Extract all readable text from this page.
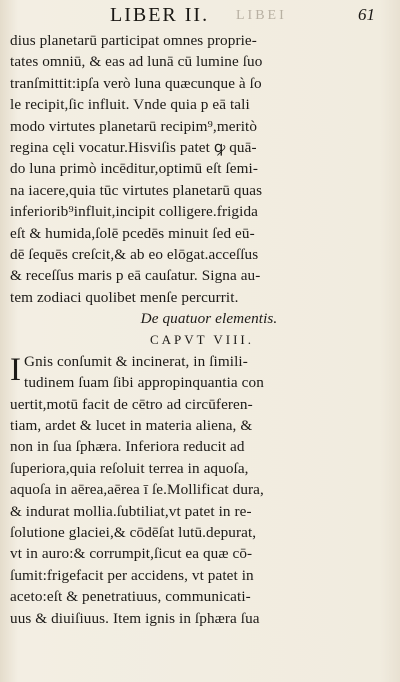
LIBER II. LIBEI	61
dius planetarū participat omnes proprie-
tates omniū, & eas ad lunā cū lumine ſuo
tranſmittit:ipſa verò luna quæcunque à ſo
le recipit,ſic influit. Vnde quia p eā tali
modo virtutes planetarū recipim⁹,meritò
regina cęli vocatur.Hisviſis patet ꝙ quā-
do luna primò incēditur,optimū eſt ſemi-
na iacere,quia tūc virtutes planetarū quas
inferiorib⁹influit,incipit colligere.frigida
eſt & humida,ſolē pcedēs minuit ſed eū-
dē ſequēs creſcit,& ab eo elōgat.acceſſus
& receſſus maris p eā cauſatur. Signa au-
tem zodiaci quolibet menſe percurrit.
De quatuor elementis.
CAPVT VIII.
I Gnis conſumit & incinerat, in ſimili-
tudinem ſuam ſibi appropinquantia con
uertit,motū facit de cētro ad circūferen-
tiam, ardet & lucet in materia aliena, &
non in ſua ſphæra. Inferiora reducit ad
ſuperiora,quia reſoluit terrea in aquoſa,
aquoſa in aērea,aērea ī ſe.Mollificat dura,
& indurat mollia.ſubtiliat,vt patet in re-
ſolutione glaciei,& cōdēſat lutū.depurat,
vt in auro:& corrumpit,ſicut ea quæ cō-
ſumit:frigefacit per accidens, vt patet in
aceto:eſt & penetratiuus, communicati-
uus & diuiſiuus. Item ignis in ſphæra ſua
